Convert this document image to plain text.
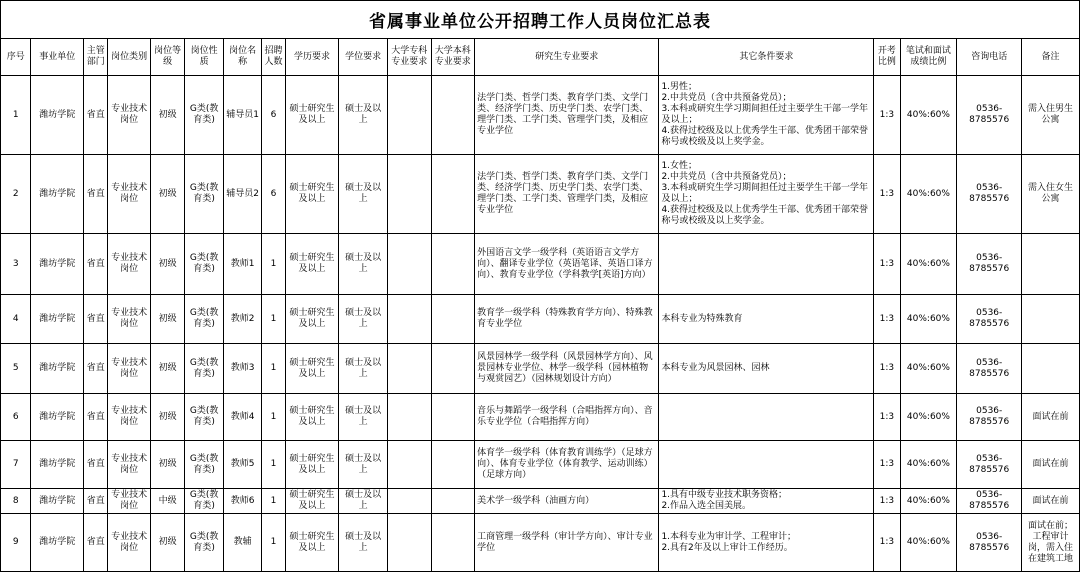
省属事业单位公开招聘工作人员岗位汇总表
序号	事业单位	主管部门	岗位类别	岗位等级	岗位性质	岗位名称	招聘人数	学历要求	学位要求	大学专科专业要求	大学本科专业要求	研究生专业要求	其它条件要求	开考比例	笔试和面试成绩比例	咨询电话	备注
1	潍坊学院	省直	专业技术岗位	初级	G类(教育类)	辅导员1	6	硕士研究生及以上	硕士及以上			法学门类、哲学门类、教育学门类、文学门类、经济学门类、历史学门类、农学门类、理学门类、工学门类、管理学门类，及相应专业学位	1.男性；
2.中共党员（含中共预备党员）；
3.本科或研究生学习期间担任过主要学生干部一学年及以上；
4.获得过校级及以上优秀学生干部、优秀团干部荣誉称号或校级及以上奖学金。	1:3	40%:60%	0536-8785576	需入住男生公寓
2	潍坊学院	省直	专业技术岗位	初级	G类(教育类)	辅导员2	6	硕士研究生及以上	硕士及以上			法学门类、哲学门类、教育学门类、文学门类、经济学门类、历史学门类、农学门类、理学门类、工学门类、管理学门类，及相应专业学位	1.女性；
2.中共党员（含中共预备党员）；
3.本科或研究生学习期间担任过主要学生干部一学年及以上；
4.获得过校级及以上优秀学生干部、优秀团干部荣誉称号或校级及以上奖学金。	1:3	40%:60%	0536-8785576	需入住女生公寓
3	潍坊学院	省直	专业技术岗位	初级	G类(教育类)	教师1	1	硕士研究生及以上	硕士及以上			外国语言文学一级学科（英语语言文学方向）、翻译专业学位（英语笔译、英语口译方向）、教育专业学位（学科教学[英语]方向）		1:3	40%:60%	0536-8785576	
4	潍坊学院	省直	专业技术岗位	初级	G类(教育类)	教师2	1	硕士研究生及以上	硕士及以上			教育学一级学科（特殊教育学方向）、特殊教育专业学位	本科专业为特殊教育	1:3	40%:60%	0536-8785576	
5	潍坊学院	省直	专业技术岗位	初级	G类(教育类)	教师3	1	硕士研究生及以上	硕士及以上			风景园林学一级学科（风景园林学方向）、风景园林专业学位、林学一级学科（园林植物与观赏园艺）（园林规划设计方向）	本科专业为风景园林、园林	1:3	40%:60%	0536-8785576	
6	潍坊学院	省直	专业技术岗位	初级	G类(教育类)	教师4	1	硕士研究生及以上	硕士及以上			音乐与舞蹈学一级学科（合唱指挥方向）、音乐专业学位（合唱指挥方向）		1:3	40%:60%	0536-8785576	面试在前
7	潍坊学院	省直	专业技术岗位	初级	G类(教育类)	教师5	1	硕士研究生及以上	硕士及以上			体育学一级学科（体育教育训练学）（足球方向）、体育专业学位（体育教学、运动训练）（足球方向）		1:3	40%:60%	0536-8785576	面试在前
8	潍坊学院	省直	专业技术岗位	中级	G类(教育类)	教师6	1	硕士研究生及以上	硕士及以上			美术学一级学科（油画方向）	1.具有中级专业技术职务资格；
2.作品入选全国美展。	1:3	40%:60%	0536-8785576	面试在前
9	潍坊学院	省直	专业技术岗位	初级	G类(教育类)	教辅	1	硕士研究生及以上	硕士及以上			工商管理一级学科（审计学方向）、审计专业学位	1.本科专业为审计学、工程审计；
2.具有2年及以上审计工作经历。	1:3	40%:60%	0536-8785576	面试在前；工程审计岗，需入住在建筑工地
